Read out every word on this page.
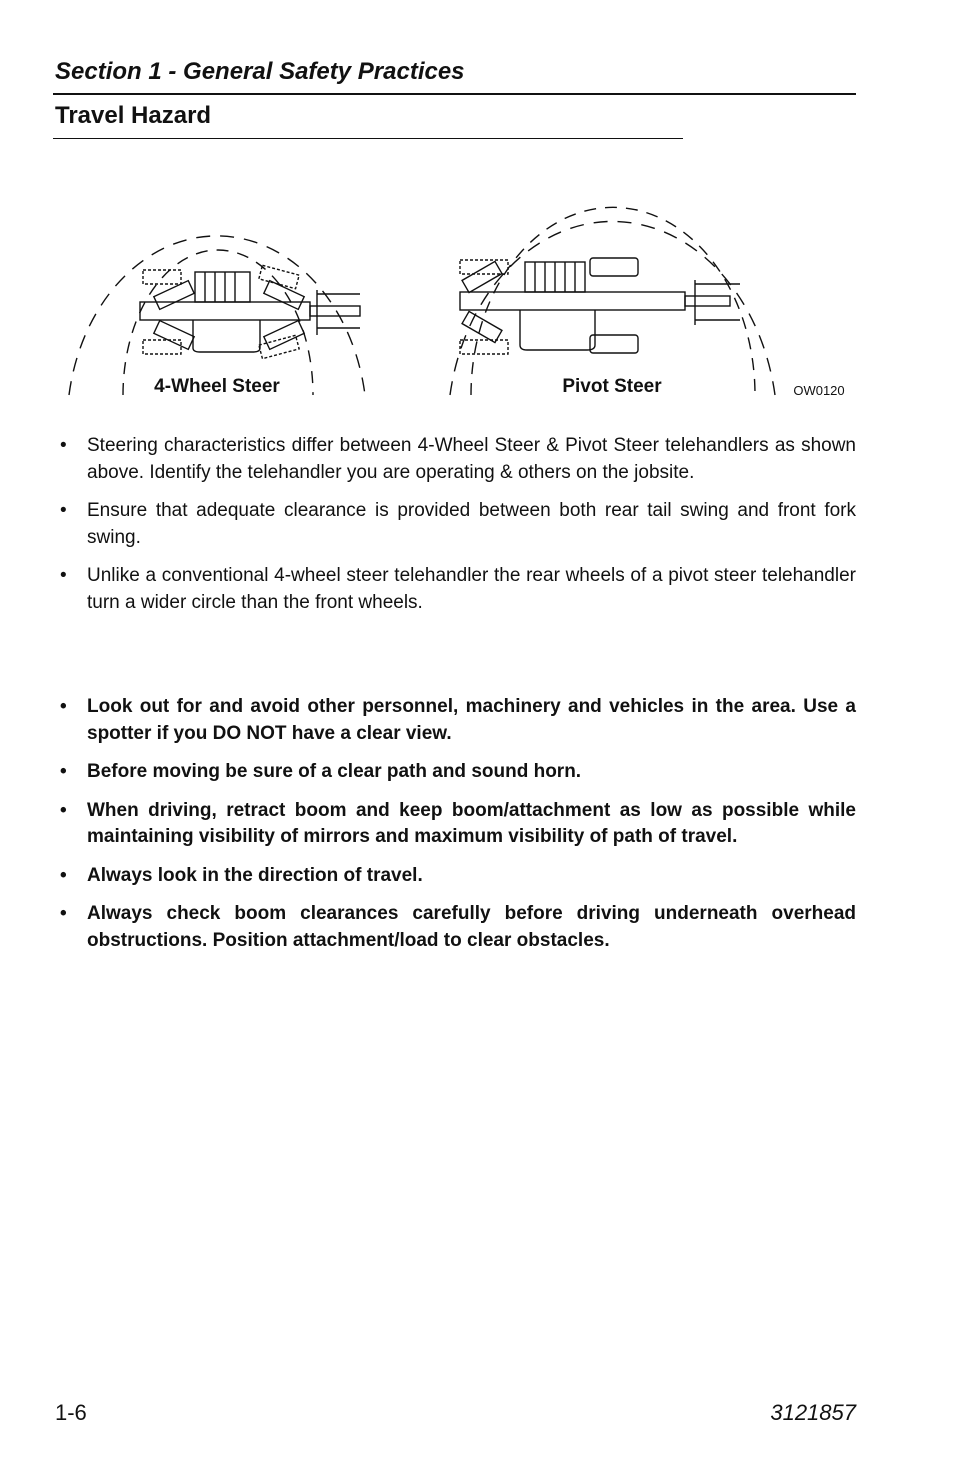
Section 1 - General Safety Practices
Travel Hazard
4-Wheel Steer	Pivot Steer	OW0120
• Steering characteristics differ between 4-Wheel Steer & Pivot Steer telehandlers as shown above. Identify the telehandler you are operating & others on the jobsite.
• Ensure that adequate clearance is provided between both rear tail swing and front fork swing.
• Unlike a conventional 4-wheel steer telehandler the rear wheels of a pivot steer telehandler turn a wider circle than the front wheels.
• Look out for and avoid other personnel, machinery and vehicles in the area. Use a spotter if you DO NOT have a clear view.
• Before moving be sure of a clear path and sound horn.
• When driving, retract boom and keep boom/attachment as low as possible while maintaining visibility of mirrors and maximum visibility of path of travel.
• Always look in the direction of travel.
• Always check boom clearances carefully before driving underneath overhead obstructions. Position attachment/load to clear obstacles.
1-6	3121857
